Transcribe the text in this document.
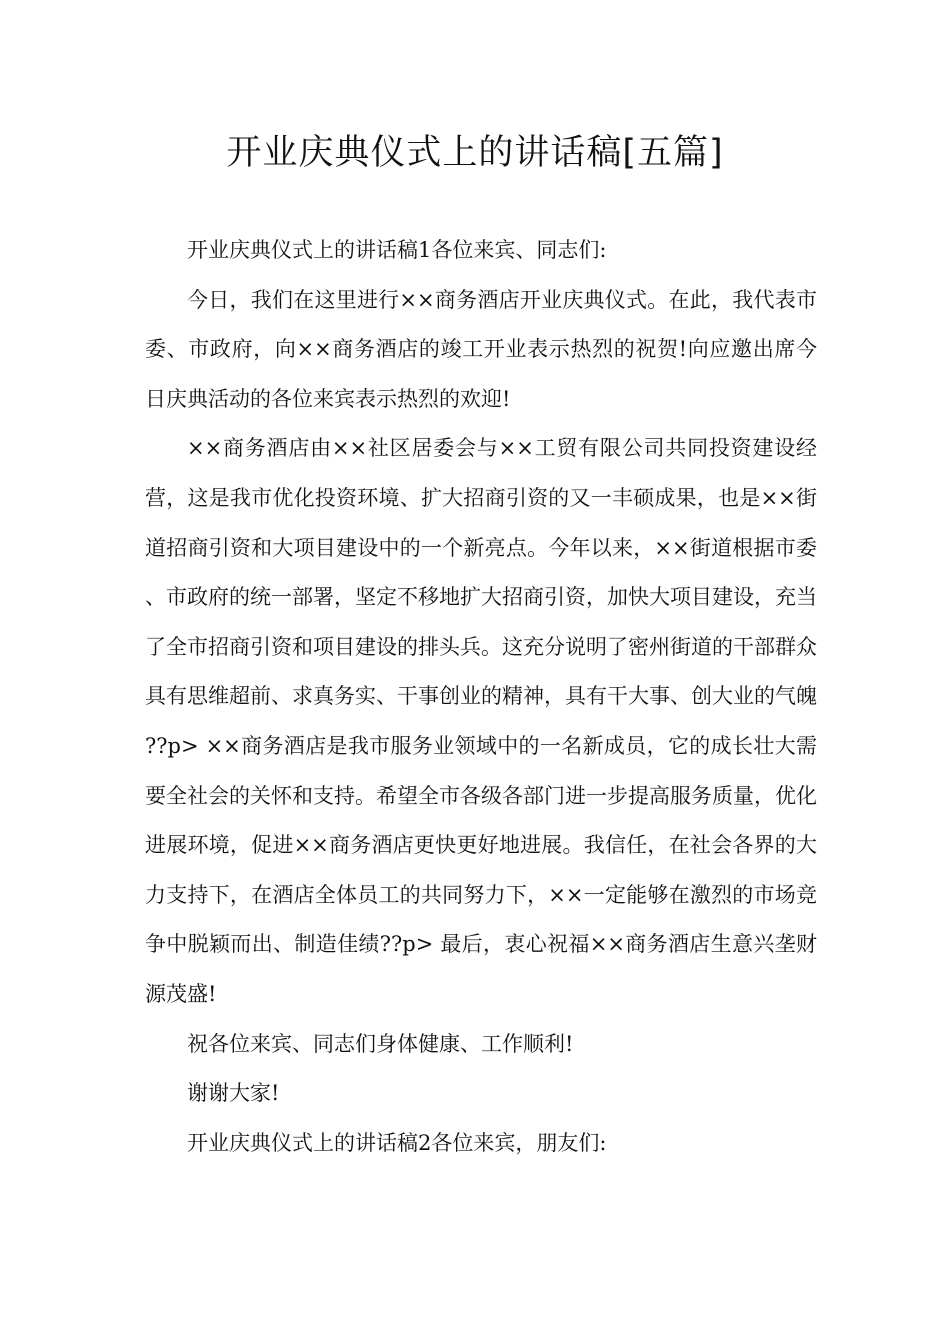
开业庆典仪式上的讲话稿[五篇]

开业庆典仪式上的讲话稿1各位来宾、同志们:

今日，我们在这里进行××商务酒店开业庆典仪式。在此，我代表市委、市政府，向××商务酒店的竣工开业表示热烈的祝贺!向应邀出席今日庆典活动的各位来宾表示热烈的欢迎!

××商务酒店由××社区居委会与××工贸有限公司共同投资建设经营，这是我市优化投资环境、扩大招商引资的又一丰硕成果，也是××街道招商引资和大项目建设中的一个新亮点。今年以来，××街道根据市委、市政府的统一部署，坚定不移地扩大招商引资，加快大项目建设，充当了全市招商引资和项目建设的排头兵。这充分说明了密州街道的干部群众具有思维超前、求真务实、干事创业的精神，具有干大事、创大业的气魄??p> ××商务酒店是我市服务业领域中的一名新成员，它的成长壮大需要全社会的关怀和支持。希望全市各级各部门进一步提高服务质量，优化进展环境，促进××商务酒店更快更好地进展。我信任，在社会各界的大力支持下，在酒店全体员工的共同努力下，××一定能够在激烈的市场竞争中脱颖而出、制造佳绩??p> 最后，衷心祝福××商务酒店生意兴垄财源茂盛!

祝各位来宾、同志们身体健康、工作顺利!

谢谢大家!

开业庆典仪式上的讲话稿2各位来宾，朋友们:
